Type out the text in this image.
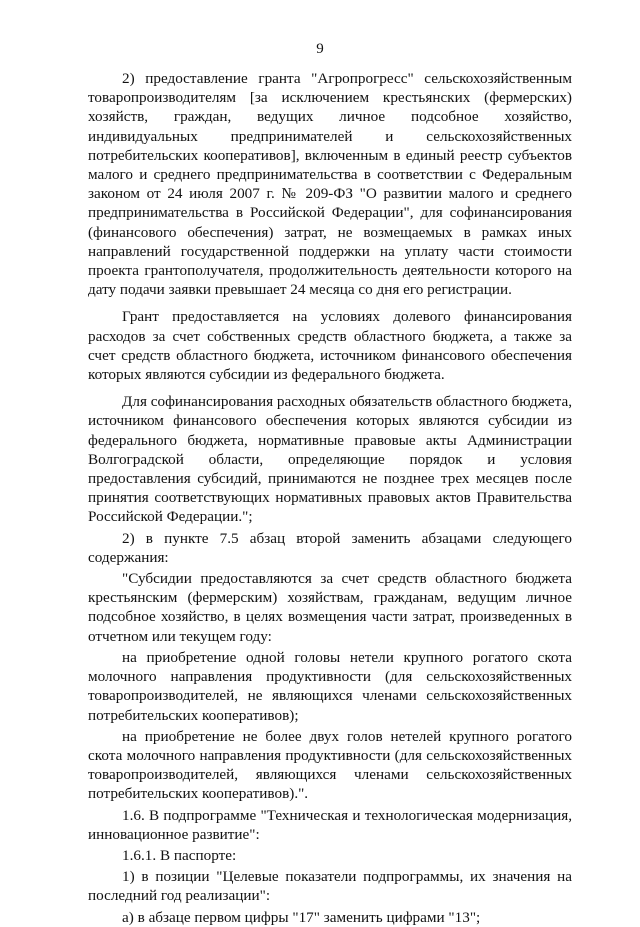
9

2) предоставление гранта "Агропрогресс" сельскохозяйственным товаропроизводителям [за исключением крестьянских (фермерских) хозяйств, граждан, ведущих личное подсобное хозяйство, индивидуальных предпринимателей и сельскохозяйственных потребительских кооперативов], включенным в единый реестр субъектов малого и среднего предпринимательства в соответствии с Федеральным законом от 24 июля 2007 г. № 209-ФЗ "О развитии малого и среднего предпринимательства в Российской Федерации", для софинансирования (финансового обеспечения) затрат, не возмещаемых в рамках иных направлений государственной поддержки на уплату части стоимости проекта грантополучателя, продолжительность деятельности которого на дату подачи заявки превышает 24 месяца со дня его регистрации.

Грант предоставляется на условиях долевого финансирования расходов за счет собственных средств областного бюджета, а также за счет средств областного бюджета, источником финансового обеспечения которых являются субсидии из федерального бюджета.

Для софинансирования расходных обязательств областного бюджета, источником финансового обеспечения которых являются субсидии из федерального бюджета, нормативные правовые акты Администрации Волгоградской области, определяющие порядок и условия предоставления субсидий, принимаются не позднее трех месяцев после принятия соответствующих нормативных правовых актов Правительства Российской Федерации.";

2) в пункте 7.5 абзац второй заменить абзацами следующего содержания:

"Субсидии предоставляются за счет средств областного бюджета крестьянским (фермерским) хозяйствам, гражданам, ведущим личное подсобное хозяйство, в целях возмещения части затрат, произведенных в отчетном или текущем году:

на приобретение одной головы нетели крупного рогатого скота молочного направления продуктивности (для сельскохозяйственных товаропроизводителей, не являющихся членами сельскохозяйственных потребительских кооперативов);

на приобретение не более двух голов нетелей крупного рогатого скота молочного направления продуктивности (для сельскохозяйственных товаропроизводителей, являющихся членами сельскохозяйственных потребительских кооперативов).".

1.6. В подпрограмме "Техническая и технологическая модернизация, инновационное развитие":

1.6.1. В паспорте:

1) в позиции "Целевые показатели подпрограммы, их значения на последний год реализации":

а) в абзаце первом цифры "17" заменить цифрами "13";
